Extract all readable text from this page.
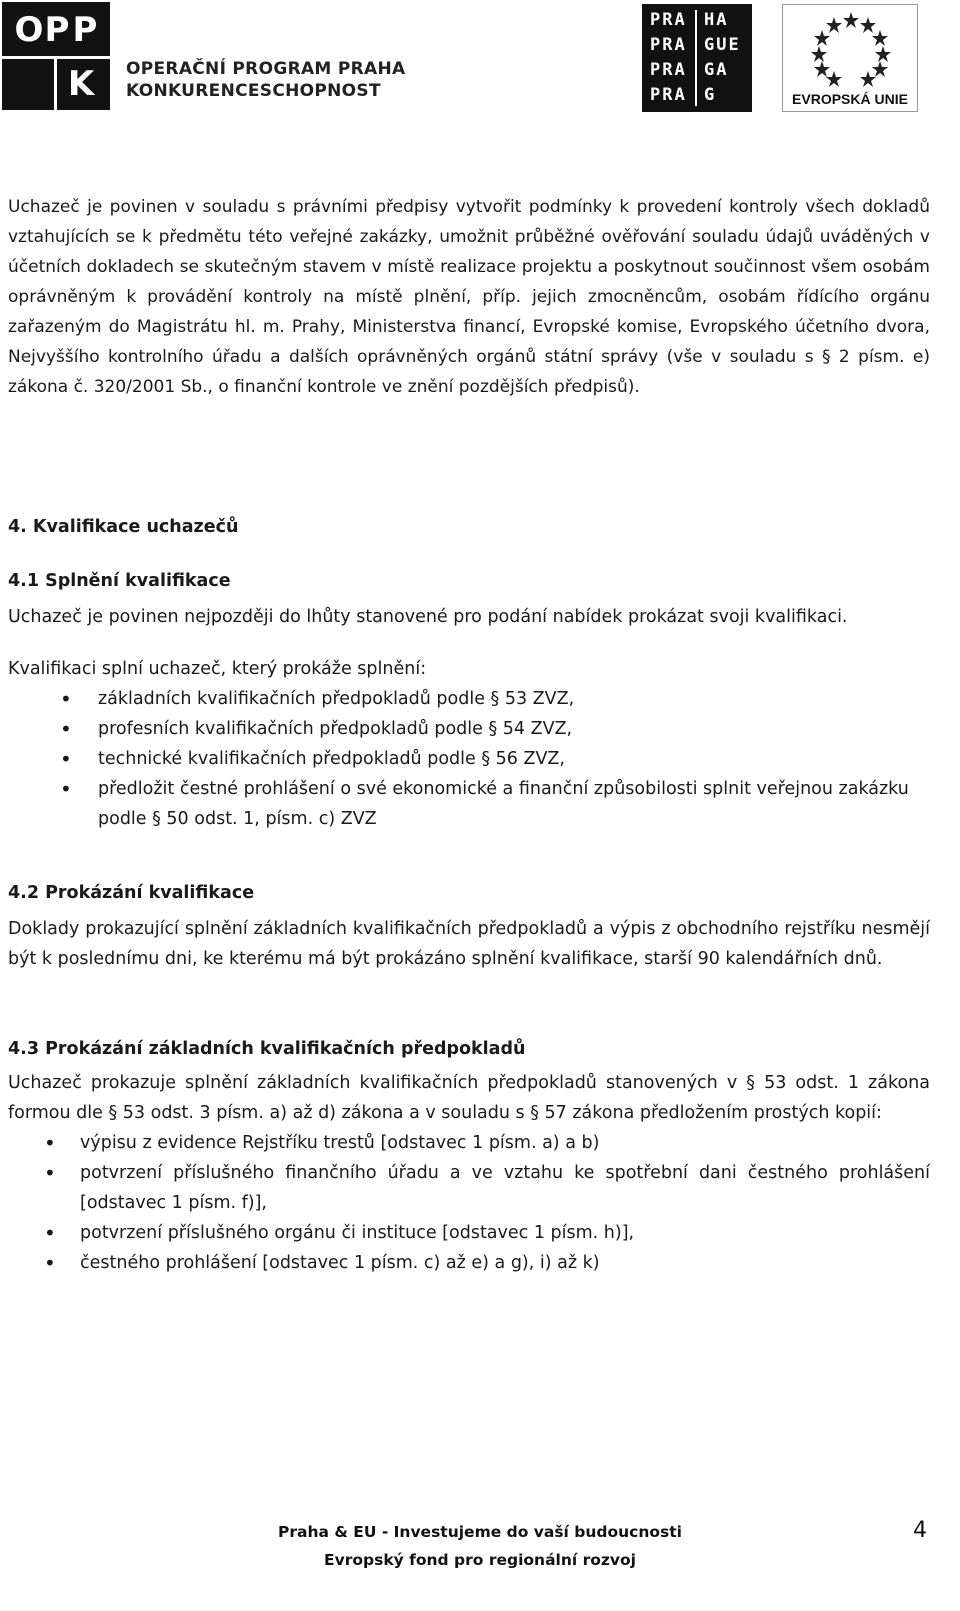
O P P
K	OPERAČNÍ PROGRAM PRAHA
KONKURENCESCHOPNOST
PRA HA
PRA GUE
PRA GA
PRA G	EVROPSKÁ UNIE

Uchazeč je povinen v souladu s právními předpisy vytvořit podmínky k provedení kontroly všech dokladů vztahujících se k předmětu této veřejné zakázky, umožnit průběžné ověřování souladu údajů uváděných v účetních dokladech se skutečným stavem v místě realizace projektu a poskytnout součinnost všem osobám oprávněným k provádění kontroly na místě plnění, příp. jejich zmocněncům, osobám řídícího orgánu zařazeným do Magistrátu hl. m. Prahy, Ministerstva financí, Evropské komise, Evropského účetního dvora, Nejvyššího kontrolního úřadu a dalších oprávněných orgánů státní správy (vše v souladu s § 2 písm. e) zákona č. 320/2001 Sb., o finanční kontrole ve znění pozdějších předpisů).

4. Kvalifikace uchazečů

4.1 Splnění kvalifikace

Uchazeč je povinen nejpozději do lhůty stanovené pro podání nabídek prokázat svoji kvalifikaci.

Kvalifikaci splní uchazeč, který prokáže splnění:

• základních kvalifikačních předpokladů podle § 53 ZVZ,
• profesních kvalifikačních předpokladů podle § 54 ZVZ,
• technické kvalifikačních předpokladů podle § 56 ZVZ,
• předložit čestné prohlášení o své ekonomické a finanční způsobilosti splnit veřejnou zakázku podle § 50 odst. 1, písm. c) ZVZ

4.2 Prokázání kvalifikace

Doklady prokazující splnění základních kvalifikačních předpokladů a výpis z obchodního rejstříku nesmějí být k poslednímu dni, ke kterému má být prokázáno splnění kvalifikace, starší 90 kalendářních dnů.

4.3 Prokázání základních kvalifikačních předpokladů

Uchazeč prokazuje splnění základních kvalifikačních předpokladů stanovených v § 53 odst. 1 zákona formou dle § 53 odst. 3 písm. a) až d) zákona a v souladu s § 57 zákona předložením prostých kopií:

• výpisu z evidence Rejstříku trestů [odstavec 1 písm. a) a b)
• potvrzení příslušného finančního úřadu a ve vztahu ke spotřební dani čestného prohlášení [odstavec 1 písm. f)],
• potvrzení příslušného orgánu či instituce [odstavec 1 písm. h)],
• čestného prohlášení [odstavec 1 písm. c) až e) a g), i) až k)
Praha & EU - Investujeme do vaší budoucnosti
Evropský fond pro regionální rozvoj
4
